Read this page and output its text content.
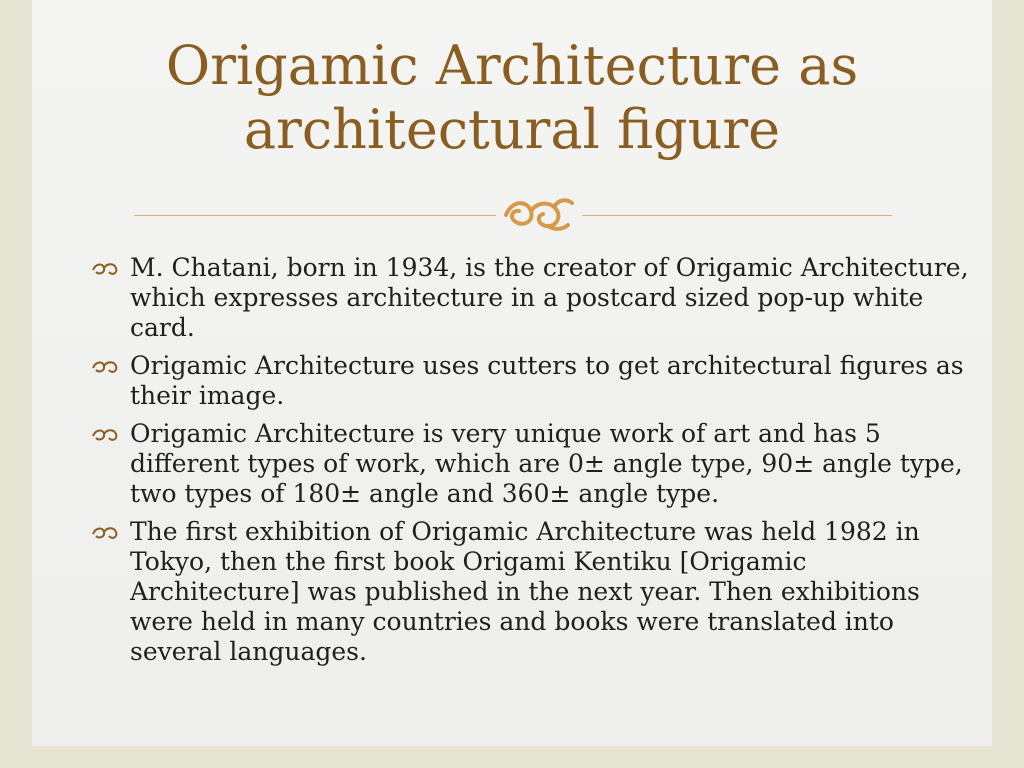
Origamic Architecture as
architectural figure
M. Chatani, born in 1934, is the creator of Origamic Architecture, which expresses architecture in a postcard sized pop-up white card.
Origamic Architecture uses cutters to get architectural figures as their image.
Origamic Architecture is very unique work of art and has 5 different types of work, which are 0± angle type, 90± angle type, two types of 180± angle and 360± angle type.
The first exhibition of Origamic Architecture was held 1982 in Tokyo, then the first book Origami Kentiku [Origamic Architecture] was published in the next year. Then exhibitions were held in many countries and books were translated into several languages.
